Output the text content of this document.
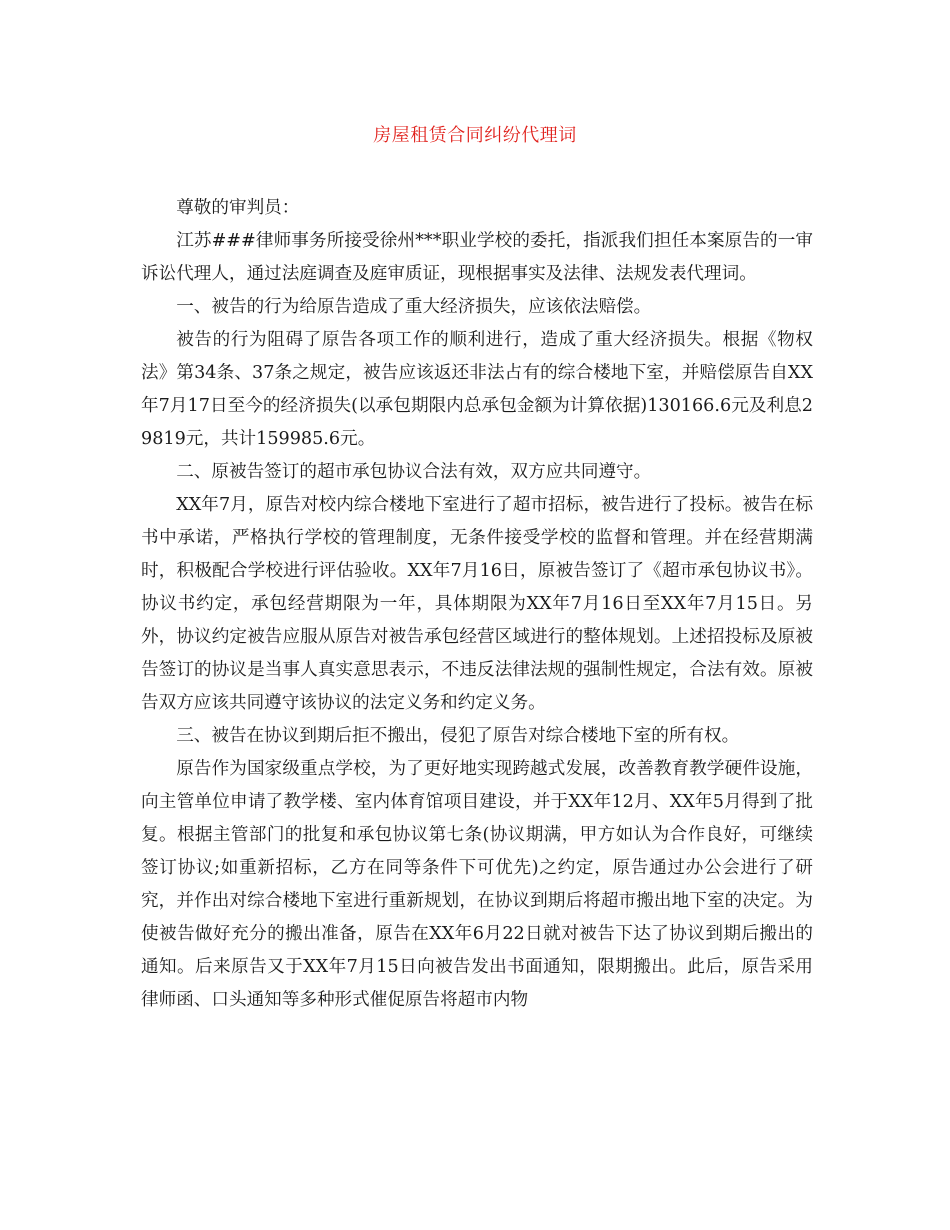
房屋租赁合同纠纷代理词

尊敬的审判员：

江苏###律师事务所接受徐州***职业学校的委托，指派我们担任本案原告的一审诉讼代理人，通过法庭调查及庭审质证，现根据事实及法律、法规发表代理词。

一、被告的行为给原告造成了重大经济损失，应该依法赔偿。

被告的行为阻碍了原告各项工作的顺利进行，造成了重大经济损失。根据《物权法》第34条、37条之规定，被告应该返还非法占有的综合楼地下室，并赔偿原告自XX年7月17日至今的经济损失(以承包期限内总承包金额为计算依据)130166.6元及利息29819元，共计159985.6元。

二、原被告签订的超市承包协议合法有效，双方应共同遵守。

XX年7月，原告对校内综合楼地下室进行了超市招标，被告进行了投标。被告在标书中承诺，严格执行学校的管理制度，无条件接受学校的监督和管理。并在经营期满时，积极配合学校进行评估验收。XX年7月16日，原被告签订了《超市承包协议书》。协议书约定，承包经营期限为一年，具体期限为XX年7月16日至XX年7月15日。另外，协议约定被告应服从原告对被告承包经营区域进行的整体规划。上述招投标及原被告签订的协议是当事人真实意思表示，不违反法律法规的强制性规定，合法有效。原被告双方应该共同遵守该协议的法定义务和约定义务。

三、被告在协议到期后拒不搬出，侵犯了原告对综合楼地下室的所有权。

原告作为国家级重点学校，为了更好地实现跨越式发展，改善教育教学硬件设施，向主管单位申请了教学楼、室内体育馆项目建设，并于XX年12月、XX年5月得到了批复。根据主管部门的批复和承包协议第七条(协议期满，甲方如认为合作良好，可继续签订协议;如重新招标，乙方在同等条件下可优先)之约定，原告通过办公会进行了研究，并作出对综合楼地下室进行重新规划，在协议到期后将超市搬出地下室的决定。为使被告做好充分的搬出准备，原告在XX年6月22日就对被告下达了协议到期后搬出的通知。后来原告又于XX年7月15日向被告发出书面通知，限期搬出。此后，原告采用律师函、口头通知等多种形式催促原告将超市内物
